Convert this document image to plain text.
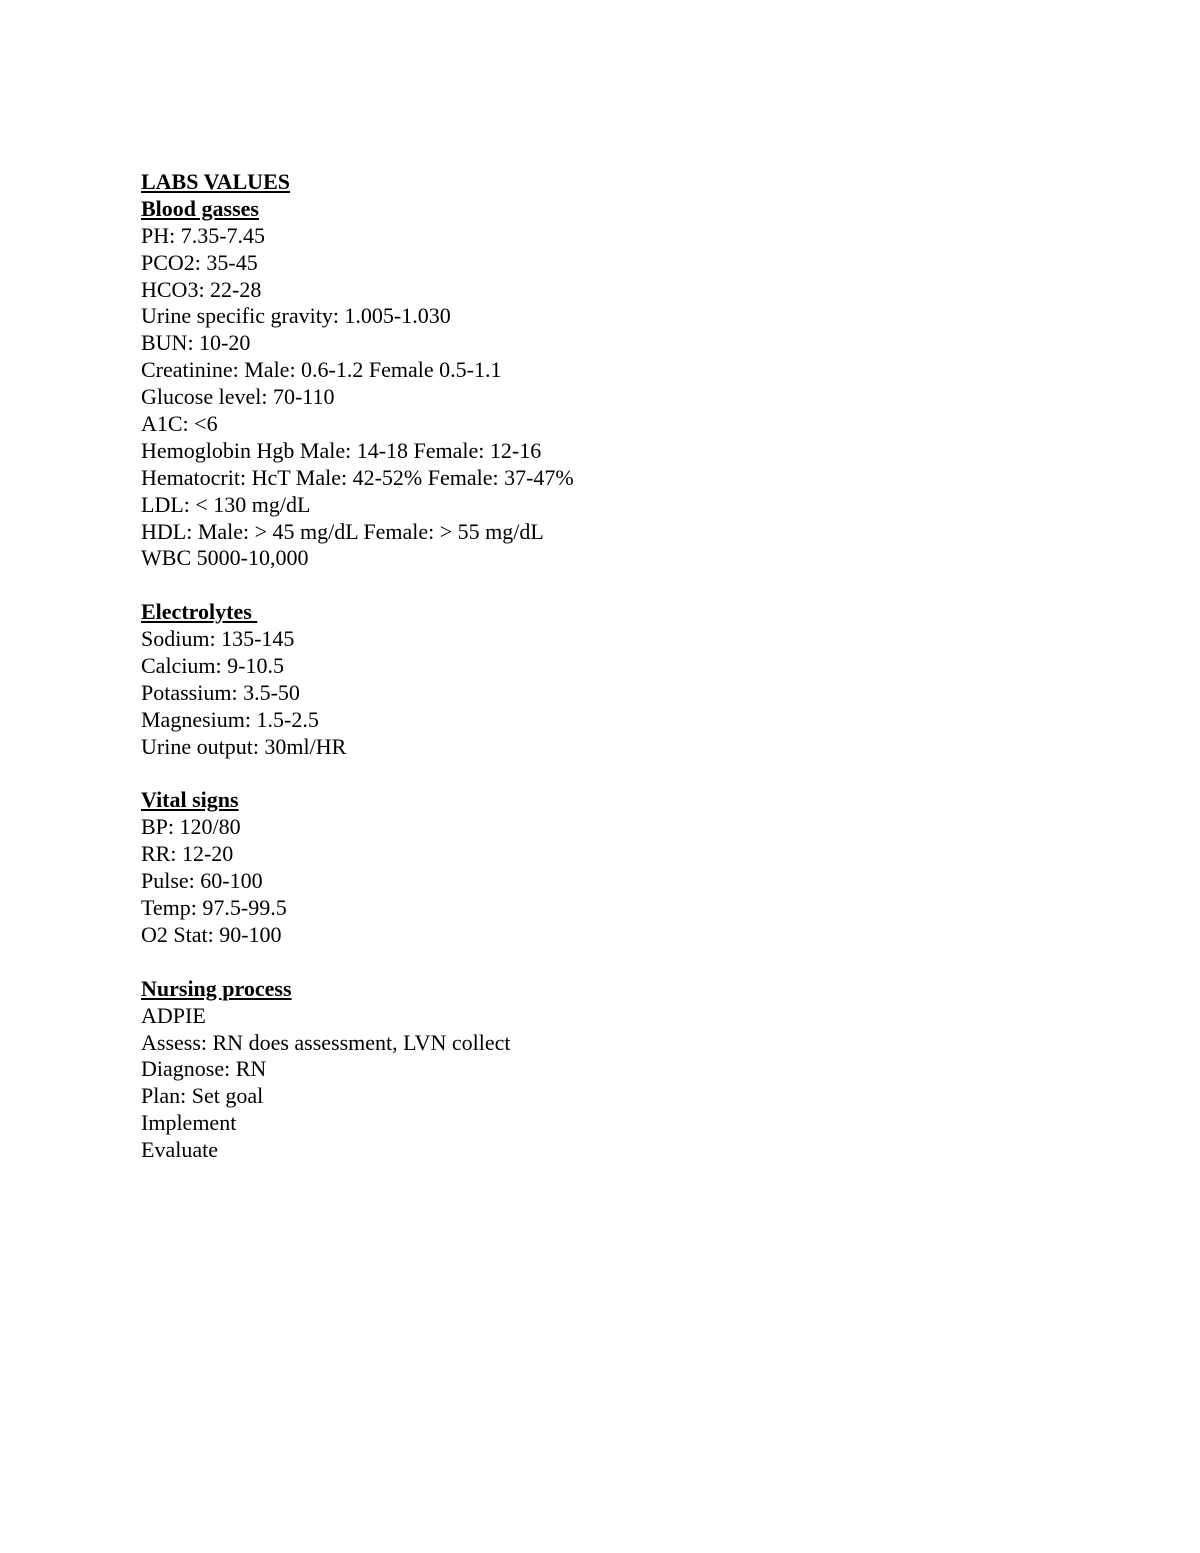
LABS VALUES
Blood gasses
PH: 7.35-7.45
PCO2: 35-45
HCO3: 22-28
Urine specific gravity: 1.005-1.030
BUN: 10-20
Creatinine: Male: 0.6-1.2 Female 0.5-1.1
Glucose level: 70-110
A1C: <6
Hemoglobin Hgb Male: 14-18 Female: 12-16
Hematocrit: HcT Male: 42-52% Female: 37-47%
LDL: < 130 mg/dL
HDL: Male: > 45 mg/dL Female: > 55 mg/dL
WBC 5000-10,000
Electrolytes
Sodium: 135-145
Calcium: 9-10.5
Potassium: 3.5-50
Magnesium: 1.5-2.5
Urine output: 30ml/HR
Vital signs
BP: 120/80
RR: 12-20
Pulse: 60-100
Temp: 97.5-99.5
O2 Stat: 90-100
Nursing process
ADPIE
Assess: RN does assessment, LVN collect
Diagnose: RN
Plan: Set goal
Implement
Evaluate
